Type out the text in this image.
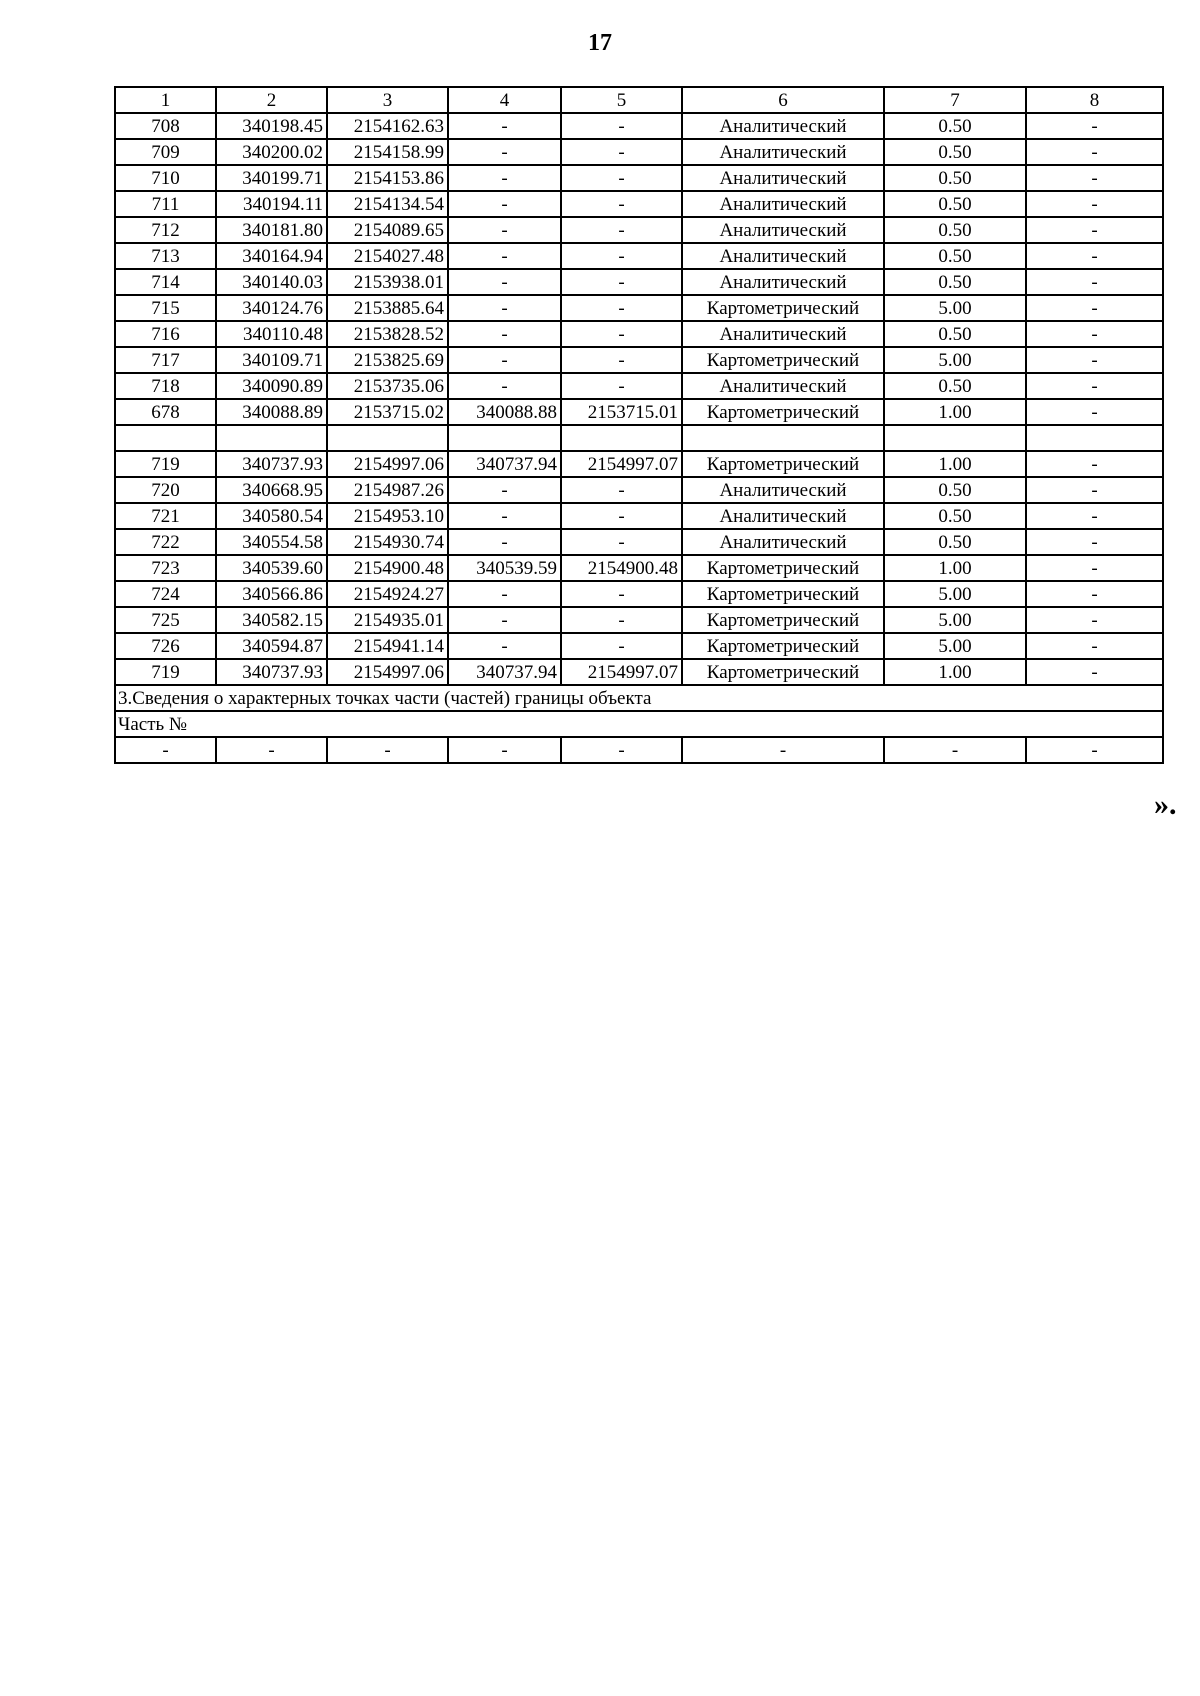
17
1	2	3	4	5	6	7	8
708	340198.45	2154162.63	-	-	Аналитический	0.50	-
709	340200.02	2154158.99	-	-	Аналитический	0.50	-
710	340199.71	2154153.86	-	-	Аналитический	0.50	-
711	340194.11	2154134.54	-	-	Аналитический	0.50	-
712	340181.80	2154089.65	-	-	Аналитический	0.50	-
713	340164.94	2154027.48	-	-	Аналитический	0.50	-
714	340140.03	2153938.01	-	-	Аналитический	0.50	-
715	340124.76	2153885.64	-	-	Картометрический	5.00	-
716	340110.48	2153828.52	-	-	Аналитический	0.50	-
717	340109.71	2153825.69	-	-	Картометрический	5.00	-
718	340090.89	2153735.06	-	-	Аналитический	0.50	-
678	340088.89	2153715.02	340088.88	2153715.01	Картометрический	1.00	-

719	340737.93	2154997.06	340737.94	2154997.07	Картометрический	1.00	-
720	340668.95	2154987.26	-	-	Аналитический	0.50	-
721	340580.54	2154953.10	-	-	Аналитический	0.50	-
722	340554.58	2154930.74	-	-	Аналитический	0.50	-
723	340539.60	2154900.48	340539.59	2154900.48	Картометрический	1.00	-
724	340566.86	2154924.27	-	-	Картометрический	5.00	-
725	340582.15	2154935.01	-	-	Картометрический	5.00	-
726	340594.87	2154941.14	-	-	Картометрический	5.00	-
719	340737.93	2154997.06	340737.94	2154997.07	Картометрический	1.00	-
3.Сведения о характерных точках части (частей) границы объекта							
Часть №							
-	-	-	-	-	-	-	-
».
